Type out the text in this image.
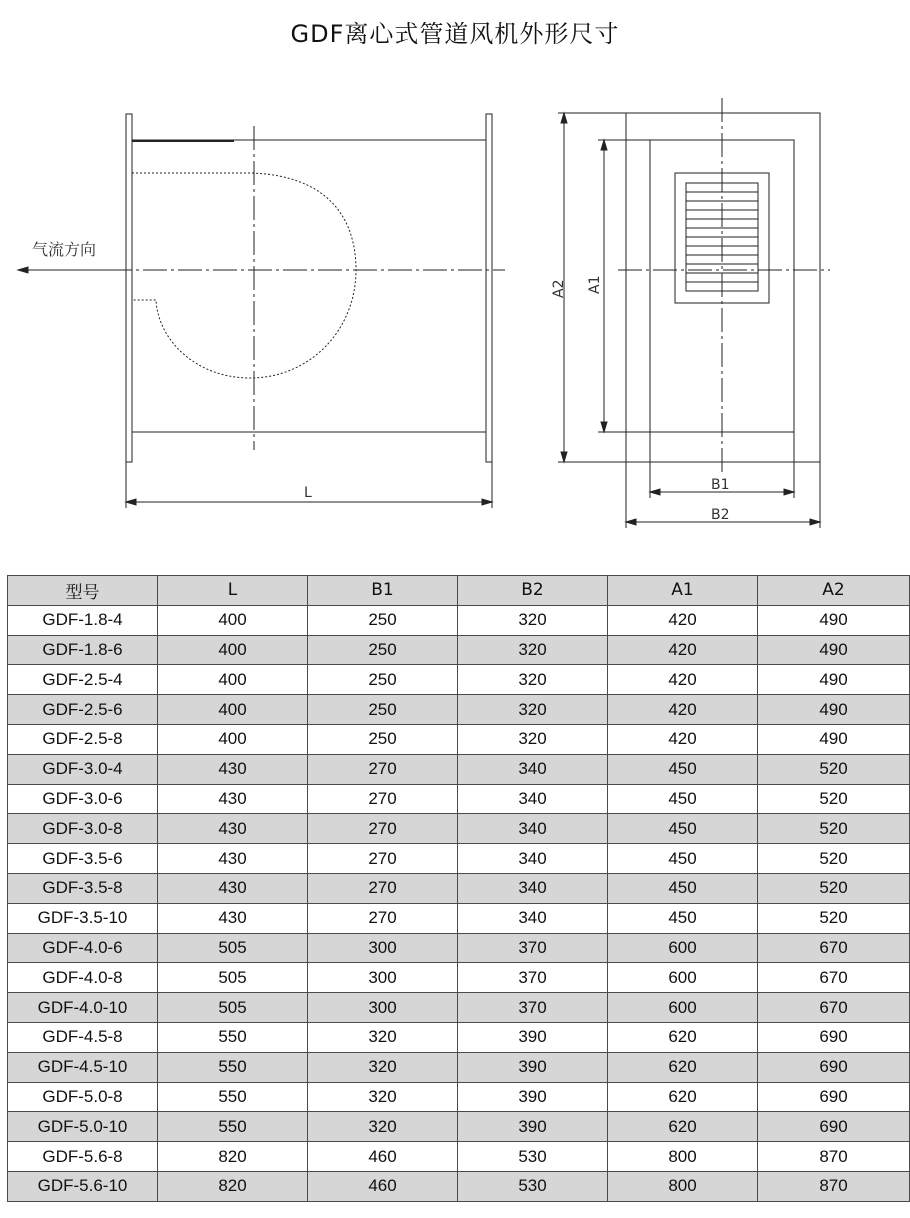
GDF离心式管道风机外形尺寸
气流方向
L
A2 A1
B1
B2
型号	L	B1	B2	A1	A2
GDF-1.8-4	400	250	320	420	490
GDF-1.8-6	400	250	320	420	490
GDF-2.5-4	400	250	320	420	490
GDF-2.5-6	400	250	320	420	490
GDF-2.5-8	400	250	320	420	490
GDF-3.0-4	430	270	340	450	520
GDF-3.0-6	430	270	340	450	520
GDF-3.0-8	430	270	340	450	520
GDF-3.5-6	430	270	340	450	520
GDF-3.5-8	430	270	340	450	520
GDF-3.5-10	430	270	340	450	520
GDF-4.0-6	505	300	370	600	670
GDF-4.0-8	505	300	370	600	670
GDF-4.0-10	505	300	370	600	670
GDF-4.5-8	550	320	390	620	690
GDF-4.5-10	550	320	390	620	690
GDF-5.0-8	550	320	390	620	690
GDF-5.0-10	550	320	390	620	690
GDF-5.6-8	820	460	530	800	870
GDF-5.6-10	820	460	530	800	870
